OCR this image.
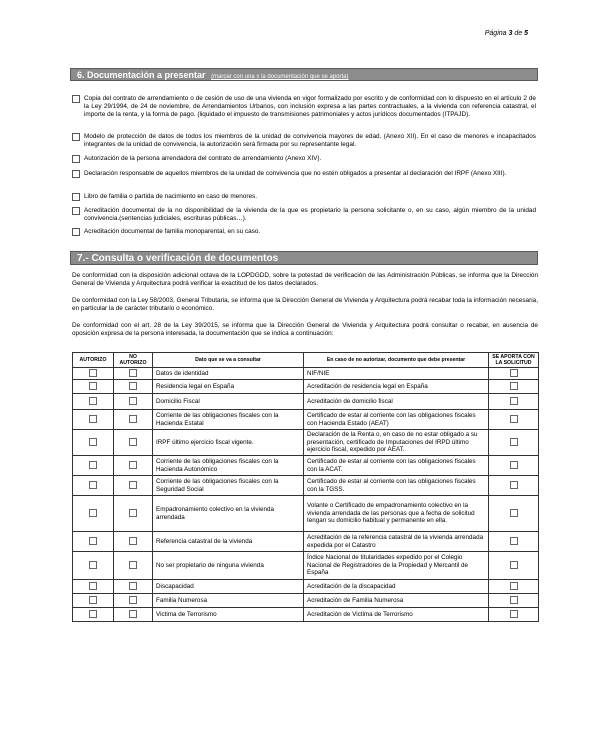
Página 3 de 5
6. Documentación a presentar (marcar con una x la documentación que se aporta)
Copia del contrato de arrendamiento o de cesión de uso de una vivienda en vigor formalizado por escrito y de conformidad con lo dispuesto en el artículo 2 de la Ley 29/1994, de 24 de noviembre, de Arrendamientos Urbanos, con inclusión expresa a las partes contractuales, a la vivienda con referencia catastral, el importe de la renta, y la forma de pago. (liquidado el impuesto de transmisiones patrimoniales y actos jurídicos documentados (ITPAJD).
Modelo de protección de datos de todos los miembros de la unidad de convivencia mayores de edad. (Anexo XII). En el caso de menores e incapacitados integrantes de la unidad de convivencia, la autorización será firmada por su representante legal.
Autorización de la persona arrendadora del contrato de arrendamiento (Anexo XIV).
Declaración responsable de aquellos miembros de la unidad de convivencia que no estén obligados a presentar al declaración del IRPF (Anexo XIII).
Libro de familia o partida de nacimiento en caso de menores.
Acreditación documental de la no disponibilidad de la vivienda de la que es propietario la persona solicitante o, en su caso, algún miembro de la unidad convivencia.(sentencias judiciales, escrituras públicas…).
Acreditación documental de familia monoparental, en su caso.
7.- Consulta o verificación de documentos
De conformidad con la disposición adicional octava de la LOPDGDD, sobre la potestad de verificación de las Administración Públicas, se informa que la Dirección General de Vivienda y Arquitectura podrá verificar la exactitud de los datos declarados.
De conformidad con la Ley 58/2003, General Tributaria, se informa que la Dirección General de Vivienda y Arquitectura podrá recabar toda la información necesaria, en particular la de carácter tributario o económico.
De conformidad con el art. 28 de la Ley 39/2015, se informa que la Dirección General de Vivienda y Arquitectura podrá consultar o recabar, en ausencia de oposición expresa de la persona interesada, la documentación que se indica a continuación:
AUTORIZO	NO AUTORIZO	Dato que se va a consultar	En caso de no autorizar, documento que debe presentar	SE APORTA CON LA SOLICITUD
		Datos de identidad	NIF/NIE	
		Residencia legal en España	Acreditación de residencia legal en España	
		Domicilio Fiscal	Acreditación de domicilio fiscal	
		Corriente de las obligaciones fiscales con la Hacienda Estatal	Certificado de estar al corriente con las obligaciones fiscales con Hacienda Estado (AEAT)	
		IRPF último ejercicio fiscal vigente.	Declaración de la Renta o, en caso de no estar obligado a su presentación, certificado de Imputaciones del IRPD último ejercicio fiscal, expedido por AEAT.	
		Corriente de las obligaciones fiscales con la Hacienda Autonómico	Certificado de estar al corriente con las obligaciones fiscales con la ACAT.	
		Corriente de las obligaciones fiscales con la Seguridad Social	Certificado de estar al corriente con las obligaciones fiscales con la TGSS.	
		Empadronamiento colectivo en la vivienda arrendada	Volante o Certificado de empadronamiento colectivo en la vivienda arrendada de las personas que a fecha de solicitud tengan su domicilio habitual y permanente en ella.	
		Referencia catastral de la vivienda	Acreditación de la referencia catastral de la vivienda arrendada expedida por el Catastro	
		No ser propietario de ninguna vivienda	Índice Nacional de titularidades expedido por el Colegio Nacional de Registradores de la Propiedad y Mercantil de España	
		Discapacidad	Acreditación de la discapacidad	
		Familia Numerosa	Acreditación de Familia Numerosa	
		Victima de Terrorismo	Acreditación de Victima de Terrorismo	
